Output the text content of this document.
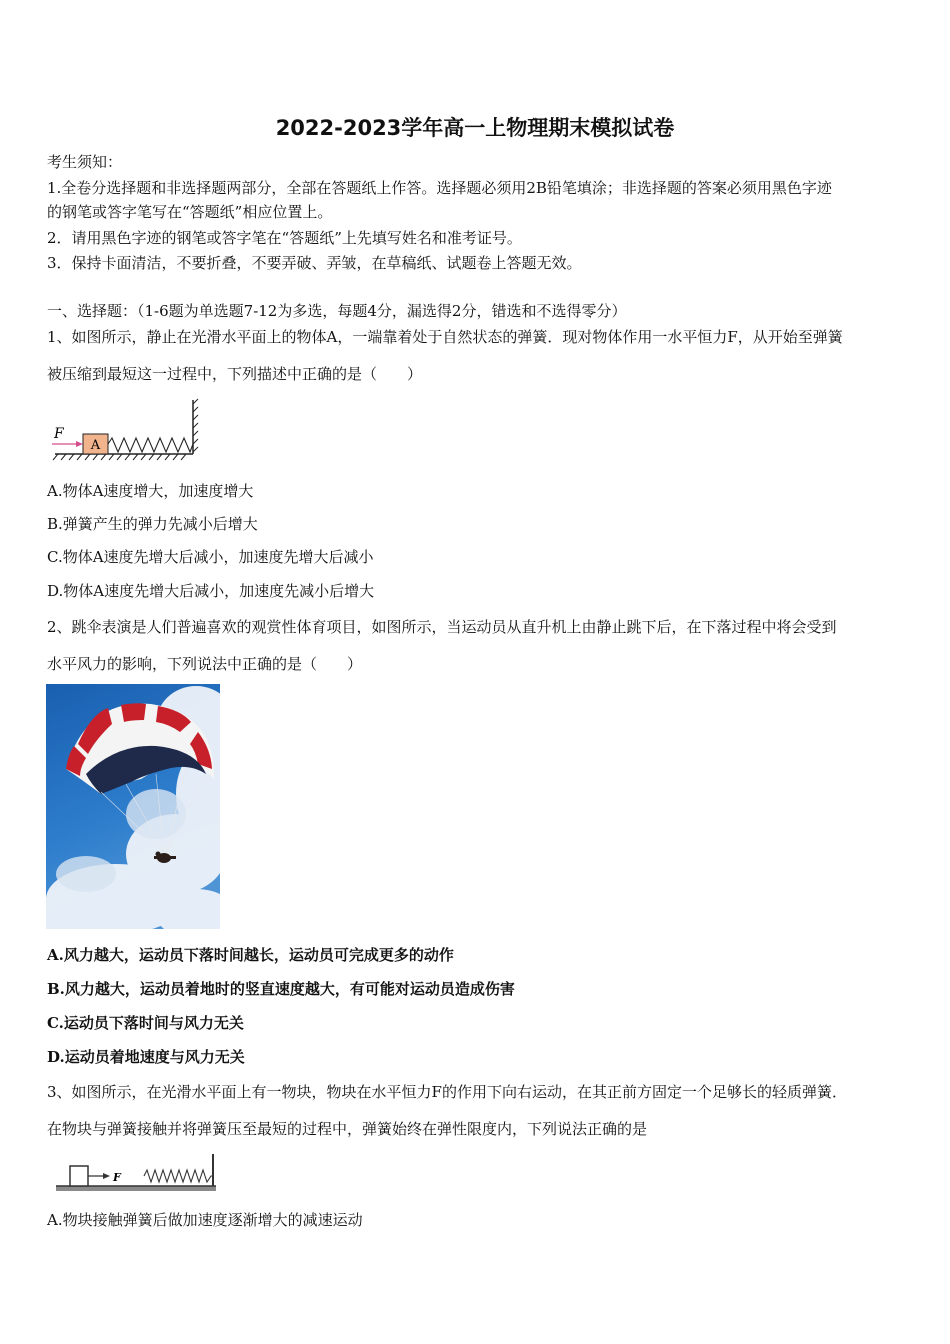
2022-2023学年高一上物理期末模拟试卷
考生须知：
1.全卷分选择题和非选择题两部分，全部在答题纸上作答。选择题必须用2B铅笔填涂；非选择题的答案必须用黑色字迹
的钢笔或答字笔写在“答题纸”相应位置上。
2．请用黑色字迹的钢笔或答字笔在“答题纸”上先填写姓名和准考证号。
3．保持卡面清洁，不要折叠，不要弄破、弄皱，在草稿纸、试题卷上答题无效。
一、选择题：（1-6题为单选题7-12为多选，每题4分，漏选得2分，错选和不选得零分）
1、如图所示，静止在光滑水平面上的物体A，一端靠着处于自然状态的弹簧．现对物体作用一水平恒力F，从开始至弹簧
被压缩到最短这一过程中，下列描述中正确的是（　　）
A
F
A.物体A速度增大，加速度增大
B.弹簧产生的弹力先减小后增大
C.物体A速度先增大后减小，加速度先增大后减小
D.物体A速度先增大后减小，加速度先减小后增大
2、跳伞表演是人们普遍喜欢的观赏性体育项目，如图所示，当运动员从直升机上由静止跳下后，在下落过程中将会受到
水平风力的影响，下列说法中正确的是（　　）
A.风力越大，运动员下落时间越长，运动员可完成更多的动作
B.风力越大，运动员着地时的竖直速度越大，有可能对运动员造成伤害
C.运动员下落时间与风力无关
D.运动员着地速度与风力无关
3、如图所示，在光滑水平面上有一物块，物块在水平恒力F的作用下向右运动，在其正前方固定一个足够长的轻质弹簧．
在物块与弹簧接触并将弹簧压至最短的过程中，弹簧始终在弹性限度内，下列说法正确的是
F
A.物块接触弹簧后做加速度逐渐增大的减速运动
